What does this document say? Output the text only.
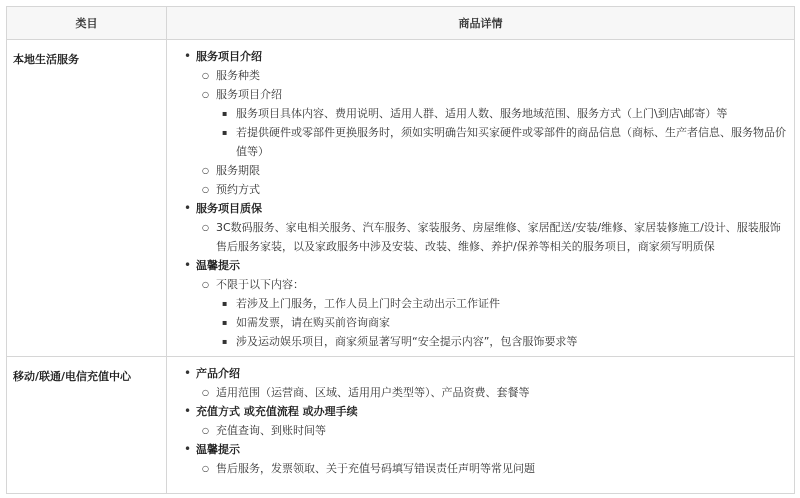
类目	商品详情
本地生活服务	• 服务项目介绍
○ 服务种类
○ 服务项目介绍
▪ 服务项目具体内容、费用说明、适用人群、适用人数、服务地域范围、服务方式（上门\到店\邮寄）等
▪ 若提供硬件或零部件更换服务时，须如实明确告知买家硬件或零部件的商品信息（商标、生产者信息、服务物品价值等）
○ 服务期限
○ 预约方式
• 服务项目质保
○ 3C数码服务、家电相关服务、汽车服务、家装服务、房屋维修、家居配送/安装/维修、家居装修施工/设计、服装服饰售后服务家装，以及家政服务中涉及安装、改装、维修、养护/保养等相关的服务项目，商家须写明质保
• 温馨提示
○ 不限于以下内容：
▪ 若涉及上门服务，工作人员上门时会主动出示工作证件
▪ 如需发票，请在购买前咨询商家
▪ 涉及运动娱乐项目，商家须显著写明“安全提示内容”，包含服饰要求等
移动/联通/电信充值中心	• 产品介绍
○ 适用范围（运营商、区域、适用用户类型等）、产品资费、套餐等
• 充值方式 或充值流程 或办理手续
○ 充值查询、到账时间等
• 温馨提示
○ 售后服务，发票领取、关于充值号码填写错误责任声明等常见问题
